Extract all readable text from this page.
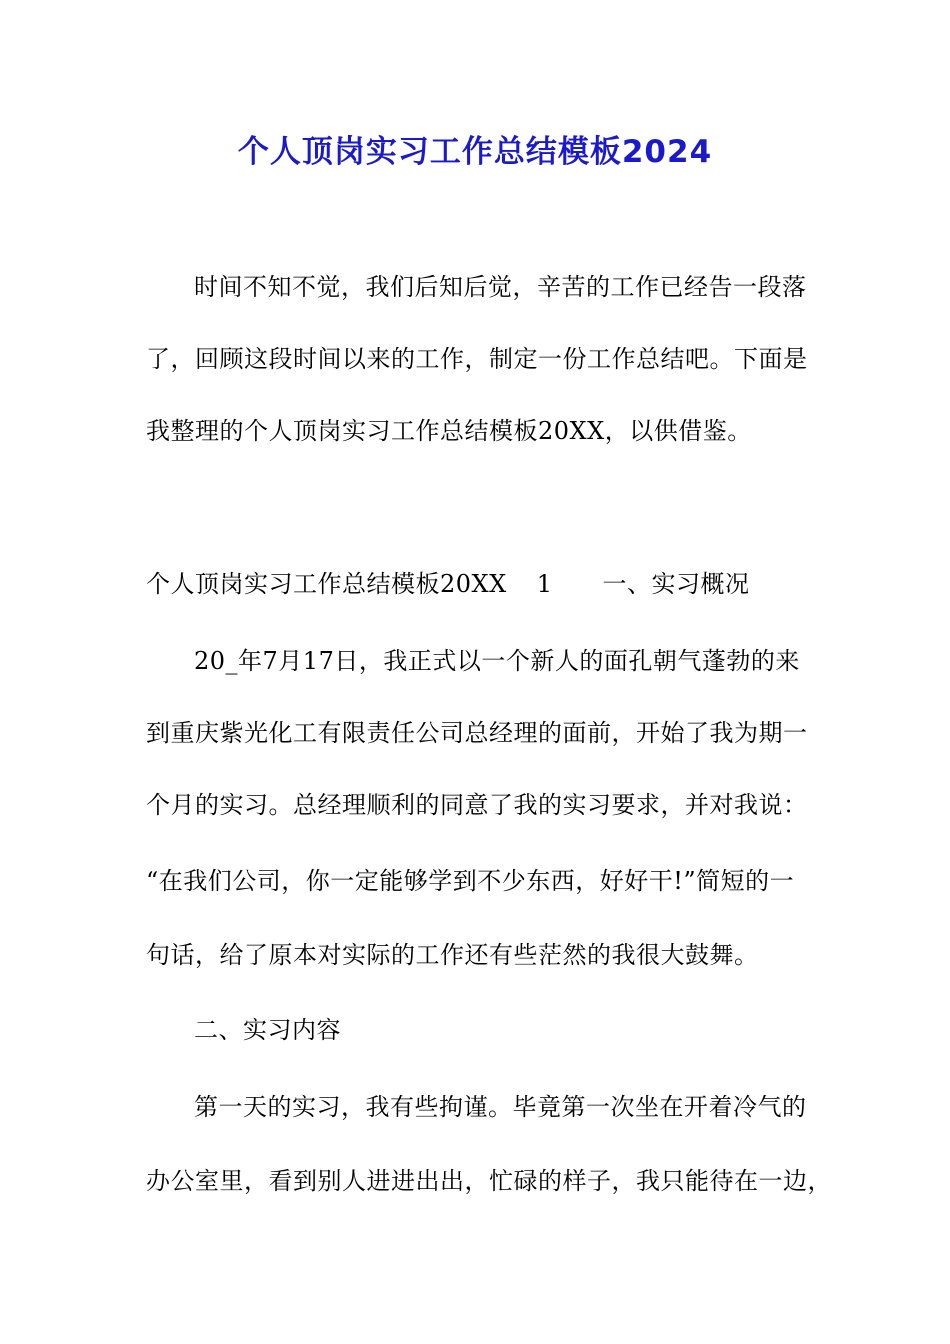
个人顶岗实习工作总结模板2024
时间不知不觉，我们后知后觉，辛苦的工作已经告一段落
了，回顾这段时间以来的工作，制定一份工作总结吧。下面是
我整理的个人顶岗实习工作总结模板20XX，以供借鉴。
个人顶岗实习工作总结模板20XX 1 一、实习概况
20_年7月17日，我正式以一个新人的面孔朝气蓬勃的来
到重庆紫光化工有限责任公司总经理的面前，开始了我为期一
个月的实习。总经理顺利的同意了我的实习要求，并对我说：
“在我们公司，你一定能够学到不少东西，好好干!”简短的一
句话，给了原本对实际的工作还有些茫然的我很大鼓舞。
二、实习内容
第一天的实习，我有些拘谨。毕竟第一次坐在开着冷气的
办公室里，看到别人进进出出，忙碌的样子，我只能待在一边，
